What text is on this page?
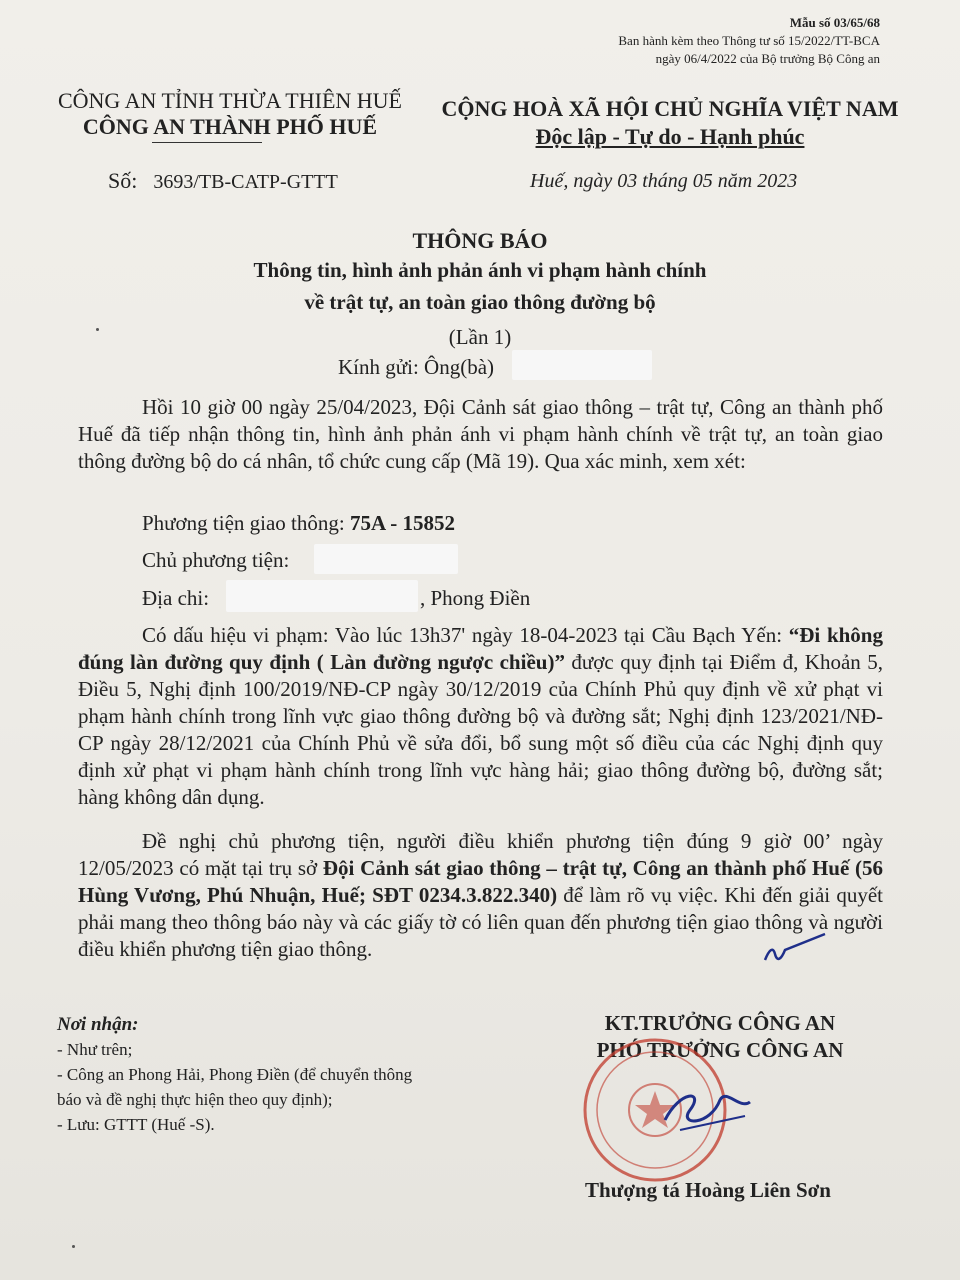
Mẫu số 03/65/68
Ban hành kèm theo Thông tư số 15/2022/TT-BCA
ngày 06/4/2022 của Bộ trưởng Bộ Công an
CÔNG AN TỈNH THỪA THIÊN HUẾ
CÔNG AN THÀNH PHỐ HUẾ
CỘNG HOÀ XÃ HỘI CHỦ NGHĨA VIỆT NAM
Độc lập - Tự do - Hạnh phúc
Số: 3693/TB-CATP-GTTT	Huế, ngày 03 tháng 05 năm 2023
THÔNG BÁO
Thông tin, hình ảnh phản ánh vi phạm hành chính
về trật tự, an toàn giao thông đường bộ
(Lần 1)
Kính gửi: Ông(bà)
Hồi 10 giờ 00 ngày 25/04/2023, Đội Cảnh sát giao thông – trật tự, Công an thành phố Huế đã tiếp nhận thông tin, hình ảnh phản ánh vi phạm hành chính về trật tự, an toàn giao thông đường bộ do cá nhân, tổ chức cung cấp (Mã 19). Qua xác minh, xem xét:
Phương tiện giao thông: 75A - 15852
Chủ phương tiện:
Địa chi:	, Phong Điền
Có dấu hiệu vi phạm: Vào lúc 13h37' ngày 18-04-2023 tại Cầu Bạch Yến: “Đi không đúng làn đường quy định ( Làn đường ngược chiều)” được quy định tại Điểm đ, Khoản 5, Điều 5, Nghị định 100/2019/NĐ-CP ngày 30/12/2019 của Chính Phủ quy định về xử phạt vi phạm hành chính trong lĩnh vực giao thông đường bộ và đường sắt; Nghị định 123/2021/NĐ-CP ngày 28/12/2021 của Chính Phủ về sửa đổi, bổ sung một số điều của các Nghị định quy định xử phạt vi phạm hành chính trong lĩnh vực hàng hải; giao thông đường bộ, đường sắt; hàng không dân dụng.
Đề nghị chủ phương tiện, người điều khiển phương tiện đúng 9 giờ 00’ ngày 12/05/2023 có mặt tại trụ sở Đội Cảnh sát giao thông – trật tự, Công an thành phố Huế (56 Hùng Vương, Phú Nhuận, Huế; SĐT 0234.3.822.340) để làm rõ vụ việc. Khi đến giải quyết phải mang theo thông báo này và các giấy tờ có liên quan đến phương tiện giao thông và người điều khiển phương tiện giao thông.
Nơi nhận:
- Như trên;
- Công an Phong Hải, Phong Điền (để chuyển thông
báo và đề nghị thực hiện theo quy định);
- Lưu: GTTT (Huế -S).
KT.TRƯỞNG CÔNG AN
PHÓ TRƯỞNG CÔNG AN
Thượng tá Hoàng Liên Sơn
